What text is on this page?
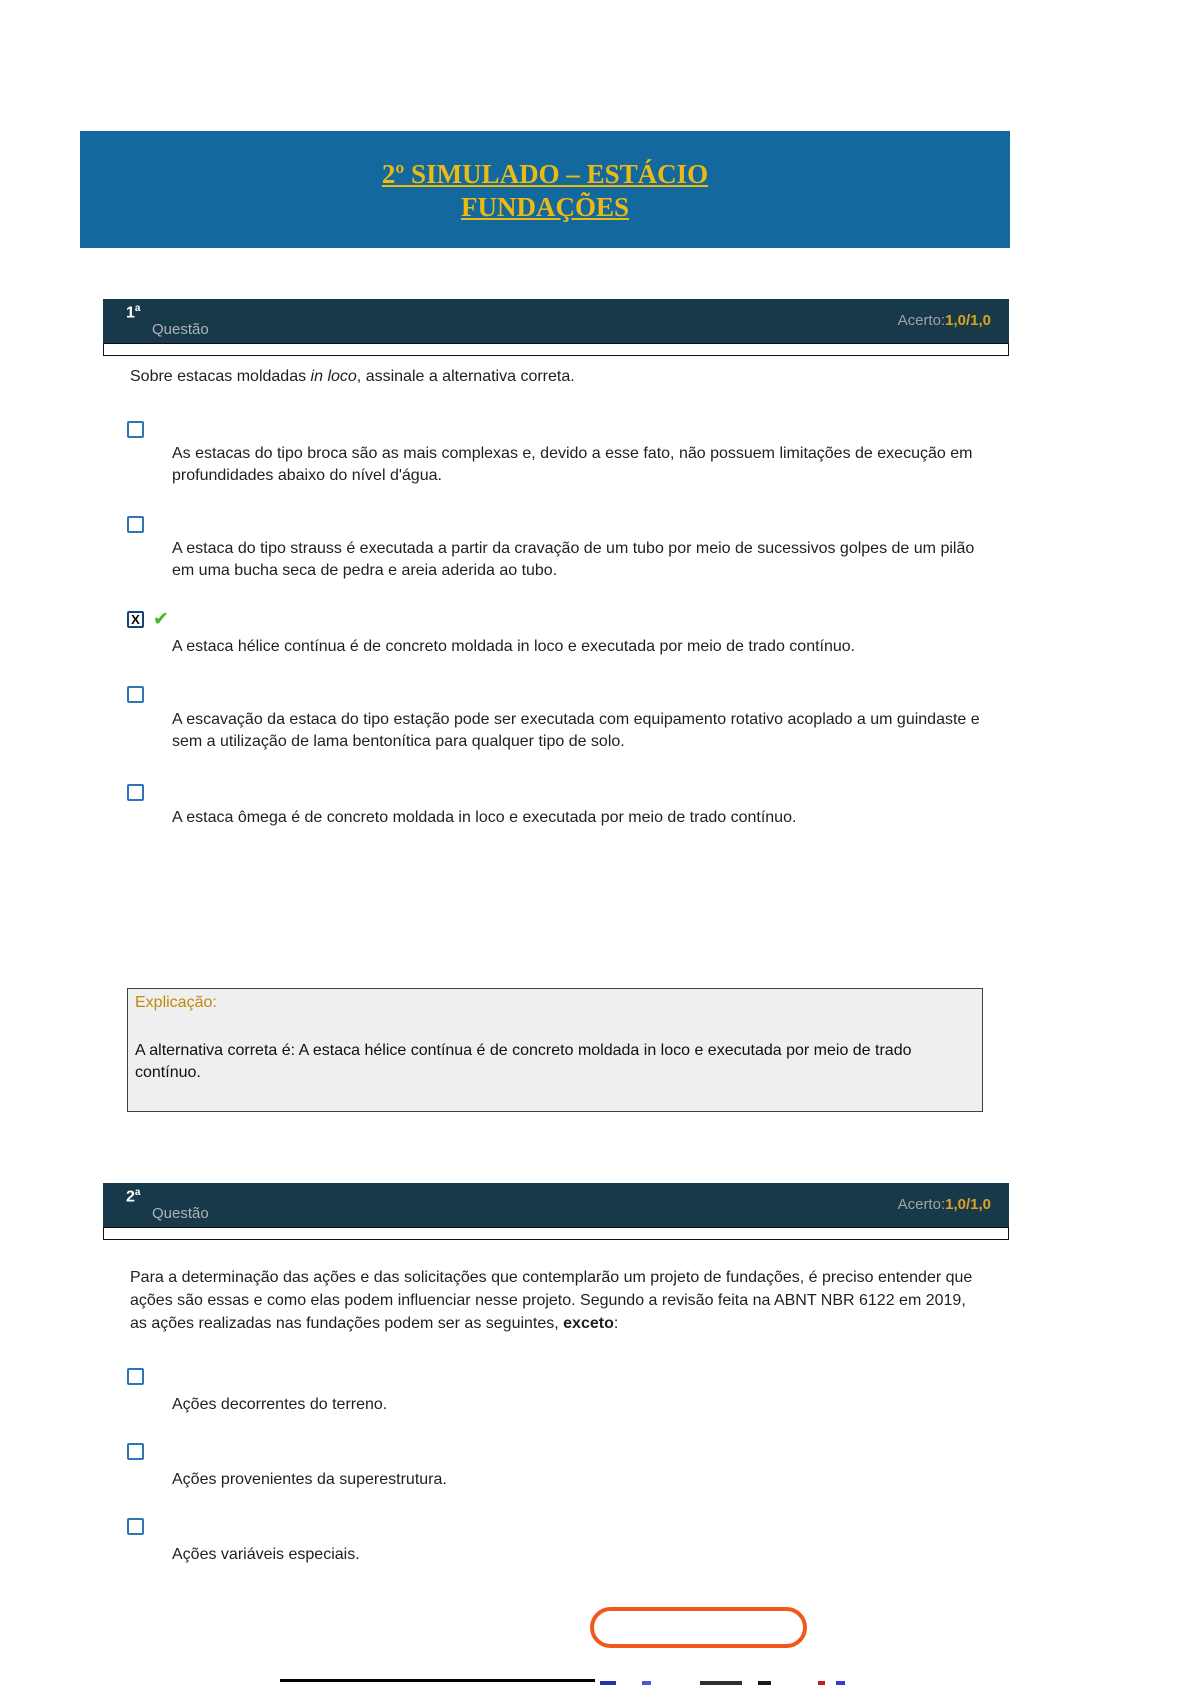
2º SIMULADO – ESTÁCIO
FUNDAÇÕES
1$^a$
Questão
Acerto:1,0/1,0
Sobre estacas moldadas in loco, assinale a alternativa correta.
As estacas do tipo broca são as mais complexas e, devido a esse fato, não possuem limitações de execução em profundidades abaixo do nível d'água.
A estaca do tipo strauss é executada a partir da cravação de um tubo por meio de sucessivos golpes de um pilão em uma bucha seca de pedra e areia aderida ao tubo.
X ✔
A estaca hélice contínua é de concreto moldada in loco e executada por meio de trado contínuo.
A escavação da estaca do tipo estação pode ser executada com equipamento rotativo acoplado a um guindaste e sem a utilização de lama bentonítica para qualquer tipo de solo.
A estaca ômega é de concreto moldada in loco e executada por meio de trado contínuo.
Explicação:
A alternativa correta é: A estaca hélice contínua é de concreto moldada in loco e executada por meio de trado contínuo.
2$^a$
Questão
Acerto:1,0/1,0
Para a determinação das ações e das solicitações que contemplarão um projeto de fundações, é preciso entender que ações são essas e como elas podem influenciar nesse projeto. Segundo a revisão feita na ABNT NBR 6122 em 2019, as ações realizadas nas fundações podem ser as seguintes, exceto:
Ações decorrentes do terreno.
Ações provenientes da superestrutura.
Ações variáveis especiais.
